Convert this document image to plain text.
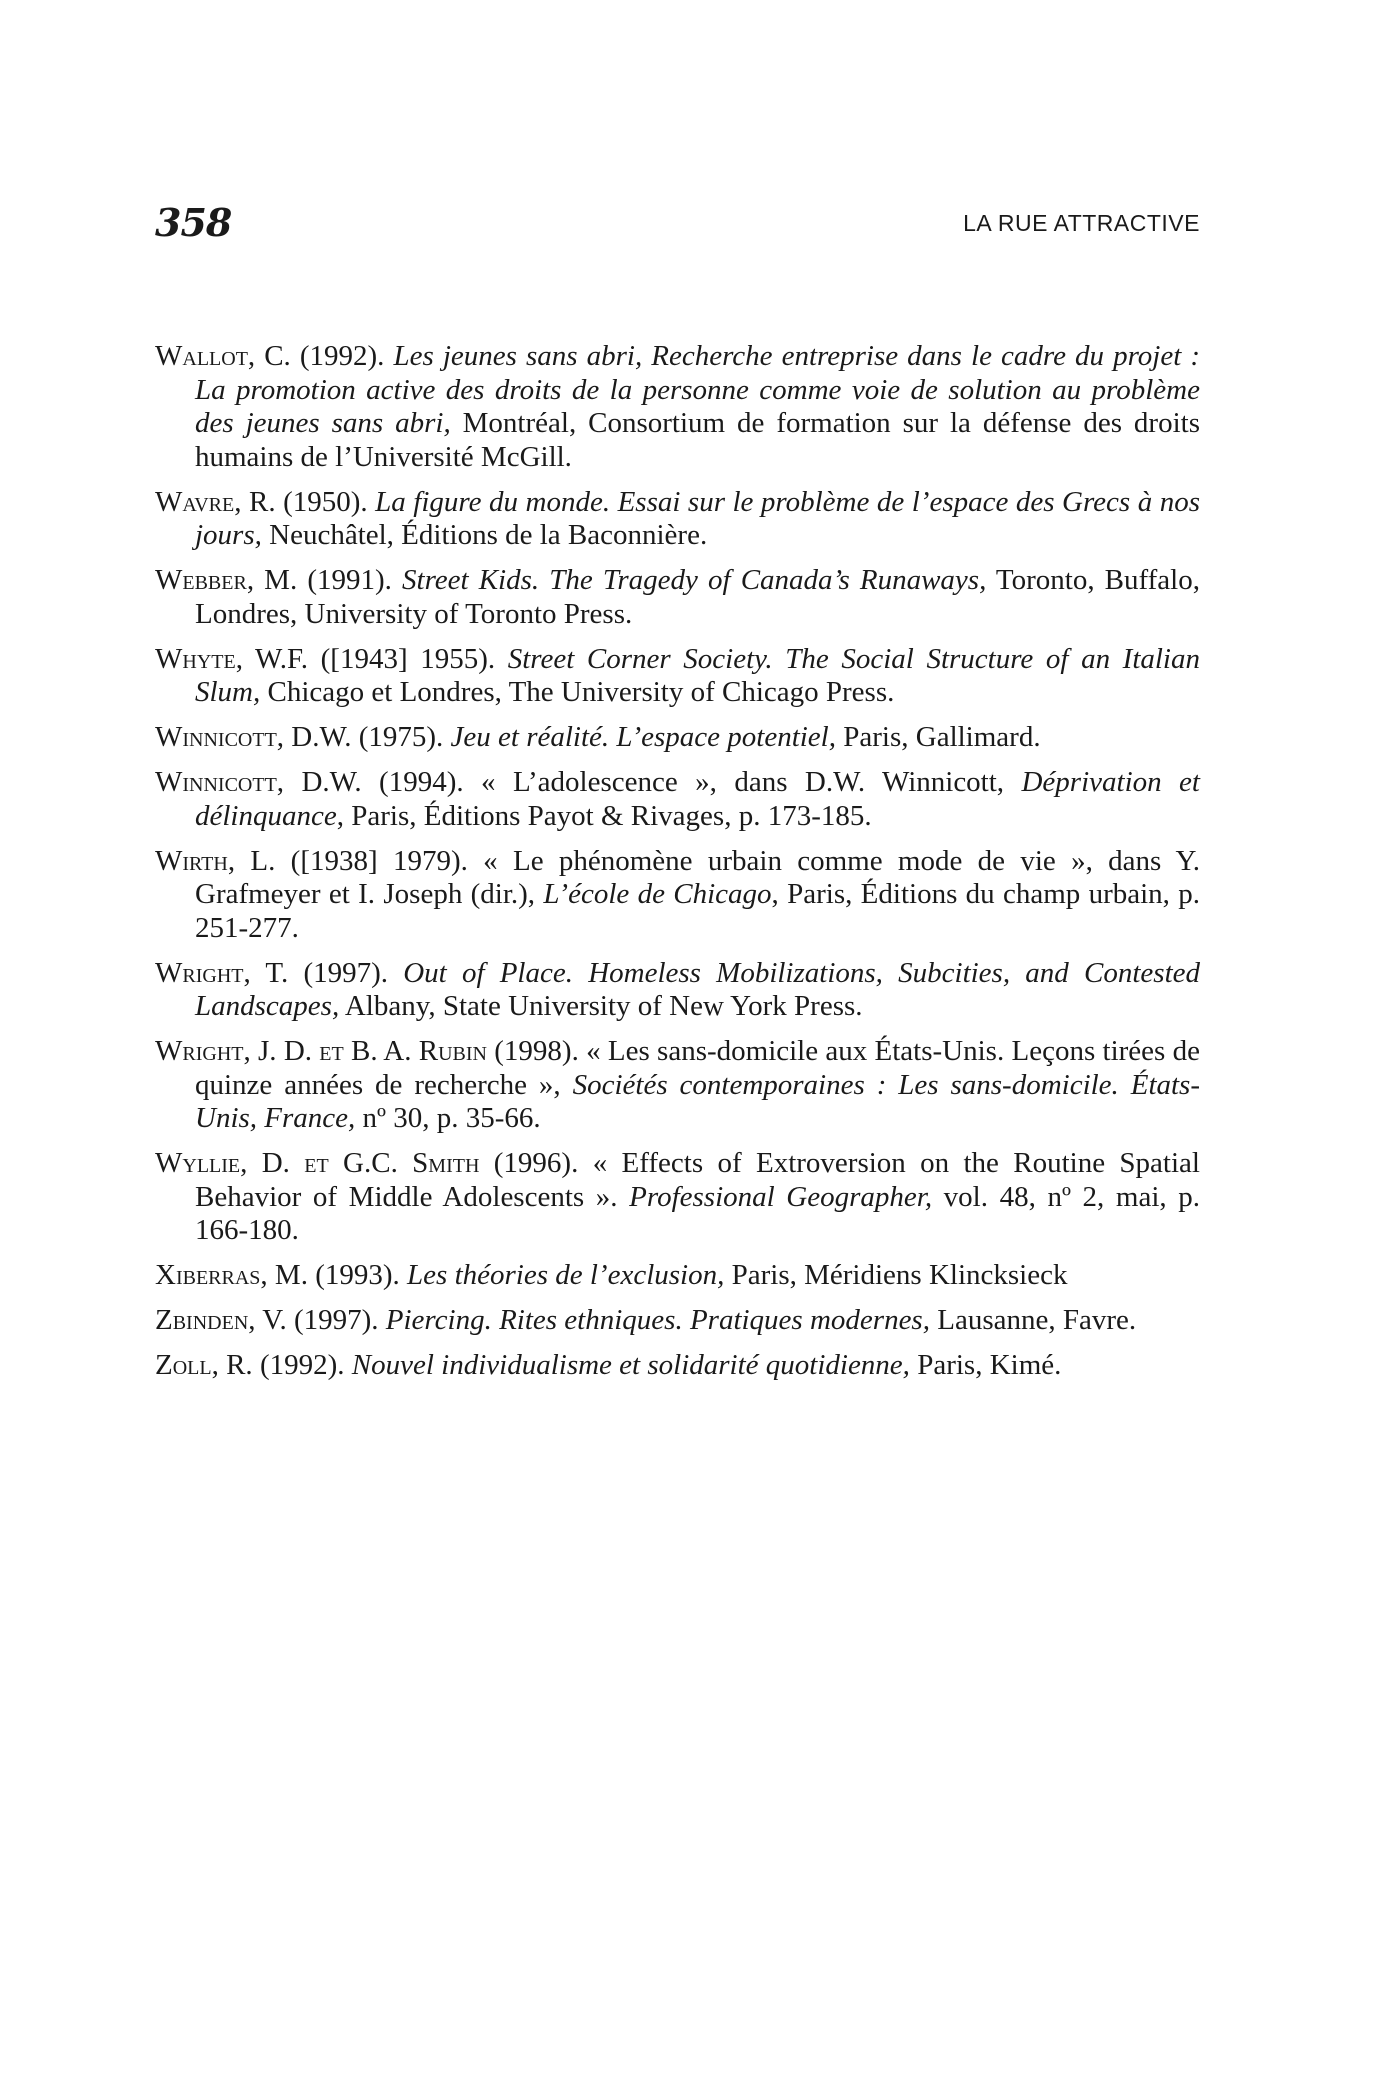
358	LA RUE ATTRACTIVE

Wallot, C. (1992). Les jeunes sans abri, Recherche entreprise dans le cadre du projet : La promotion active des droits de la personne comme voie de solution au problème des jeunes sans abri, Montréal, Consortium de formation sur la défense des droits humains de l’Université McGill.

Wavre, R. (1950). La figure du monde. Essai sur le problème de l’espace des Grecs à nos jours, Neuchâtel, Éditions de la Baconnière.

Webber, M. (1991). Street Kids. The Tragedy of Canada’s Runaways, Toronto, Buffalo, Londres, University of Toronto Press.

Whyte, W.F. ([1943] 1955). Street Corner Society. The Social Structure of an Italian Slum, Chicago et Londres, The University of Chicago Press.

Winnicott, D.W. (1975). Jeu et réalité. L’espace potentiel, Paris, Gallimard.

Winnicott, D.W. (1994). « L’adolescence », dans D.W. Winnicott, Déprivation et délinquance, Paris, Éditions Payot & Rivages, p. 173-185.

Wirth, L. ([1938] 1979). « Le phénomène urbain comme mode de vie », dans Y. Grafmeyer et I. Joseph (dir.), L’école de Chicago, Paris, Éditions du champ urbain, p. 251-277.

Wright, T. (1997). Out of Place. Homeless Mobilizations, Subcities, and Contested Landscapes, Albany, State University of New York Press.

Wright, J. D. et B. A. Rubin (1998). « Les sans-domicile aux États-Unis. Leçons tirées de quinze années de recherche », Sociétés contemporaines : Les sans-domicile. États-Unis, France, nº 30, p. 35-66.

Wyllie, D. et G.C. Smith (1996). « Effects of Extroversion on the Routine Spatial Behavior of Middle Adolescents ». Professional Geographer, vol. 48, nº 2, mai, p. 166-180.

Xiberras, M. (1993). Les théories de l’exclusion, Paris, Méridiens Klincksieck

Zbinden, V. (1997). Piercing. Rites ethniques. Pratiques modernes, Lausanne, Favre.

Zoll, R. (1992). Nouvel individualisme et solidarité quotidienne, Paris, Kimé.
